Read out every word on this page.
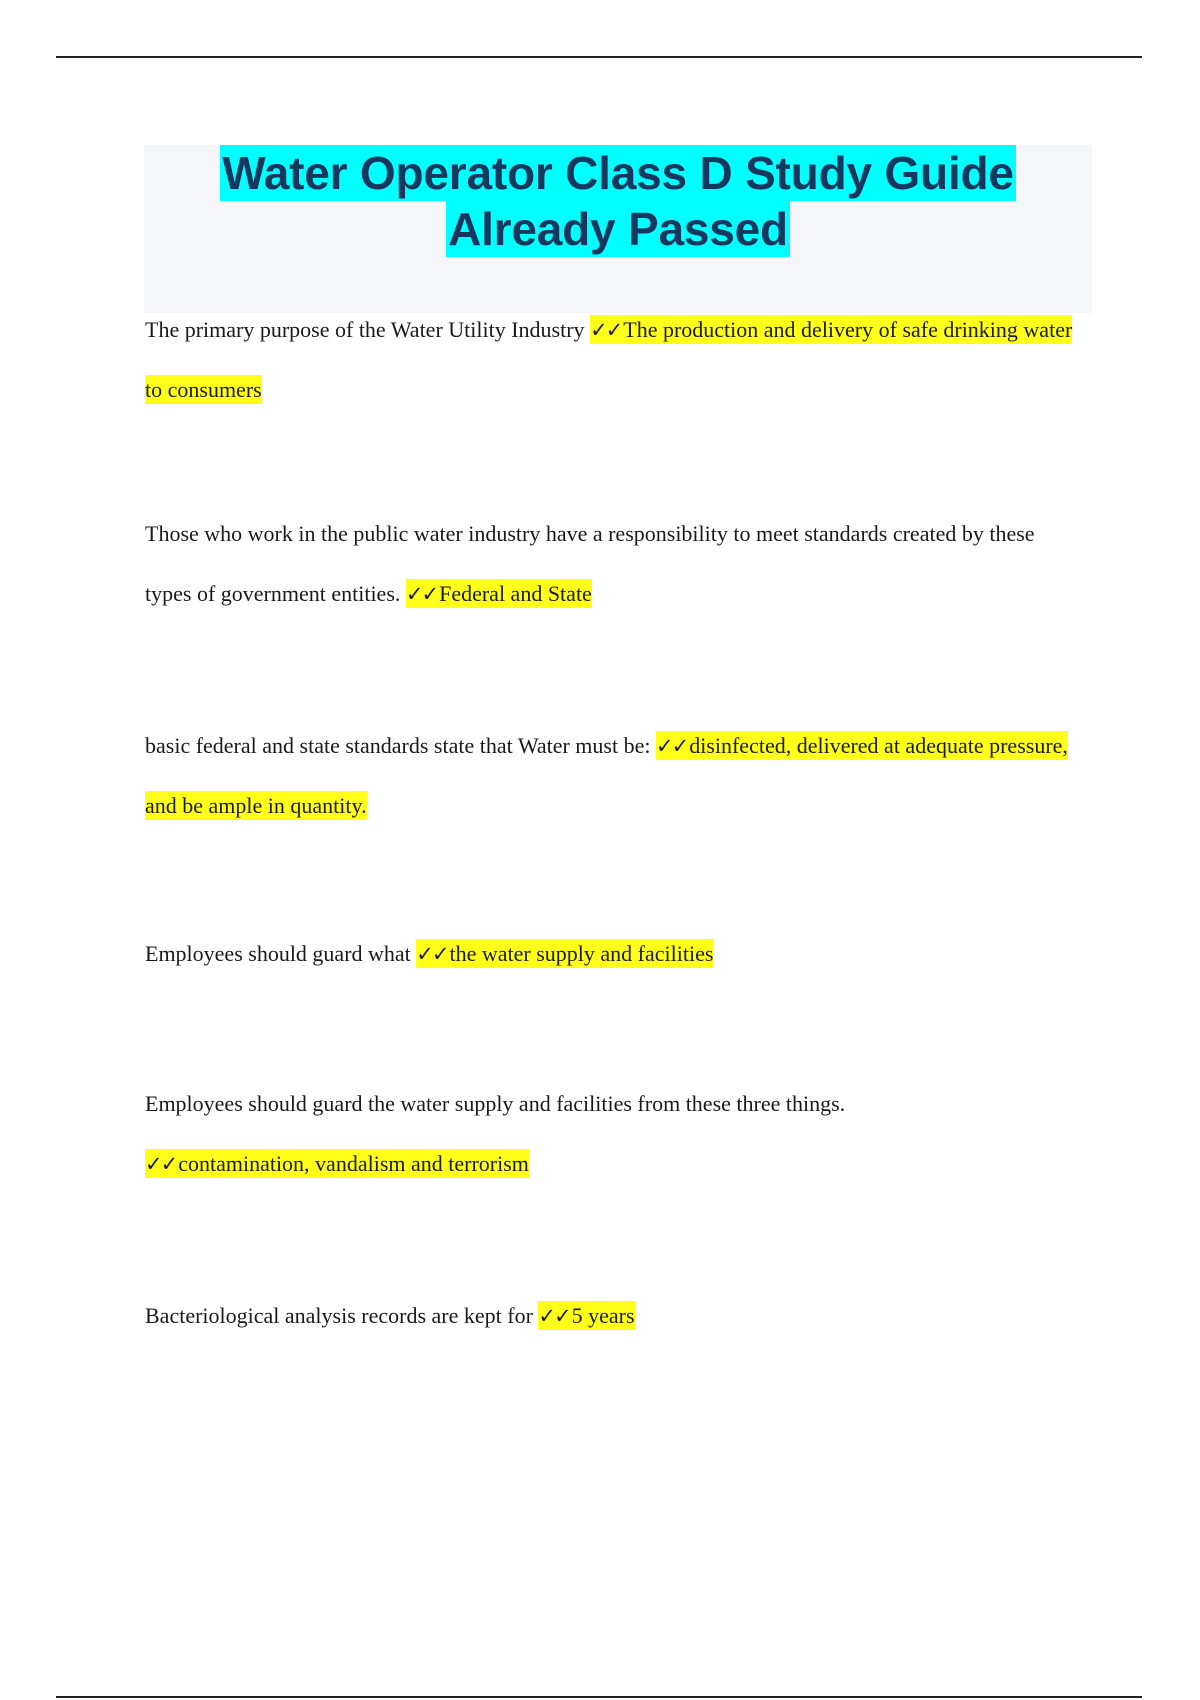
Water Operator Class D Study Guide
Already Passed
The primary purpose of the Water Utility Industry ✓✓The production and delivery of safe drinking water to consumers
Those who work in the public water industry have a responsibility to meet standards created by these types of government entities. ✓✓Federal and State
basic federal and state standards state that Water must be: ✓✓disinfected, delivered at adequate pressure, and be ample in quantity.
Employees should guard what ✓✓the water supply and facilities
Employees should guard the water supply and facilities from these three things.
✓✓contamination, vandalism and terrorism
Bacteriological analysis records are kept for ✓✓5 years
